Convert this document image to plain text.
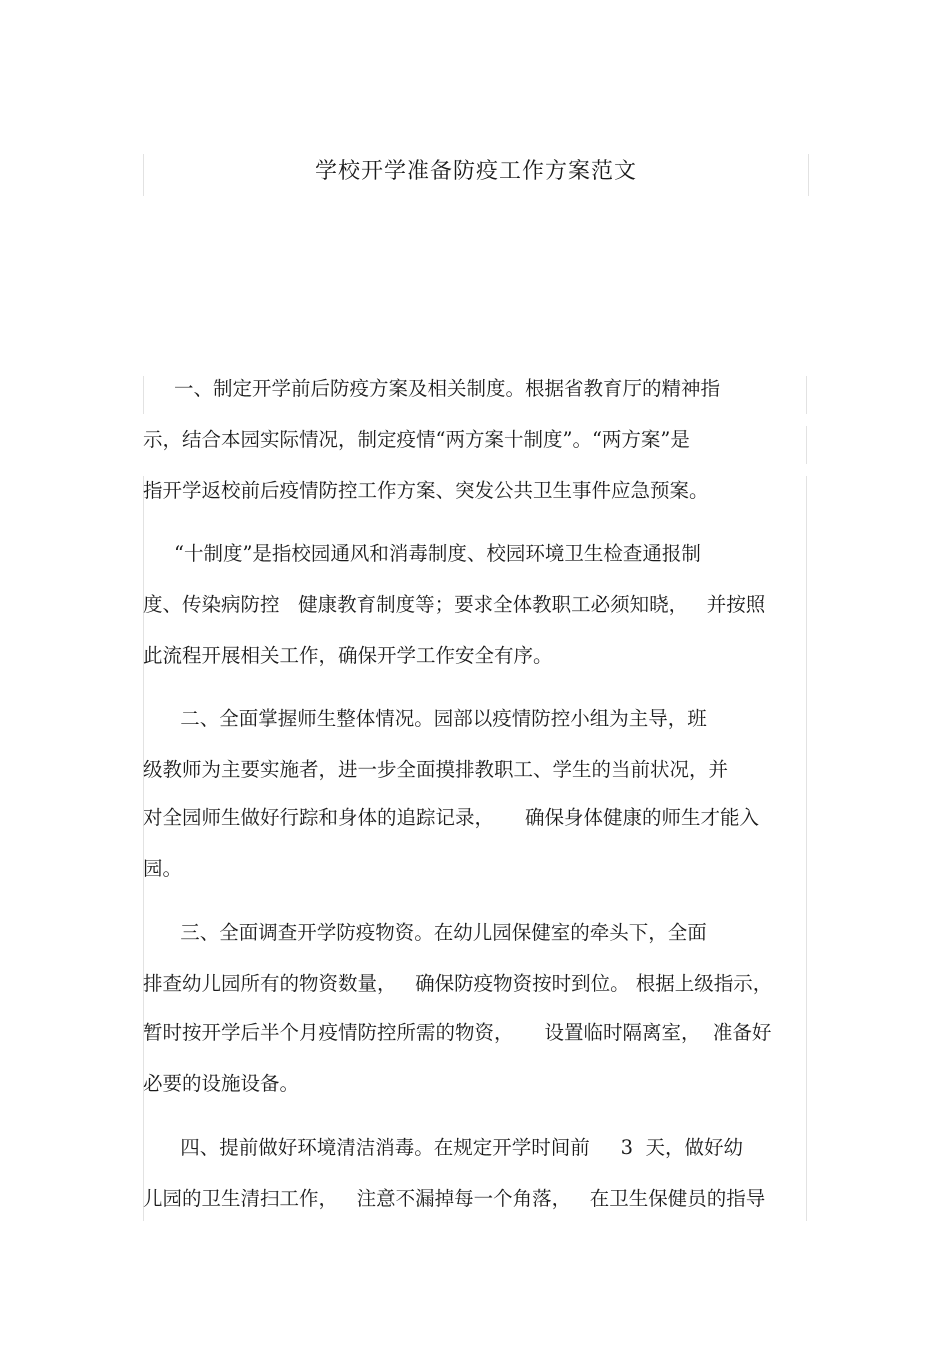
学校开学准备防疫工作方案范文
一、制定开学前后防疫方案及相关制度。根据省教育厅的精神指
示，结合本园实际情况，制定疫情“两方案十制度”。“两方案”是
指开学返校前后疫情防控工作方案、突发公共卫生事件应急预案。
“十制度”是指校园通风和消毒制度、校园环境卫生检查通报制
度、传染病防控   健康教育制度等；要求全体教职工必须知晓，   并按照
此流程开展相关工作，确保开学工作安全有序。
二、全面掌握师生整体情况。园部以疫情防控小组为主导，班
级教师为主要实施者，进一步全面摸排教职工、学生的当前状况，并
对全园师生做好行踪和身体的追踪记录，     确保身体健康的师生才能入
园。
三、全面调查开学防疫物资。在幼儿园保健室的牵头下，全面
排查幼儿园所有的物资数量，   确保防疫物资按时到位。 根据上级指示，
暂时按开学后半个月疫情防控所需的物资，     设置临时隔离室，  准备好
必要的设施设备。
四、提前做好环境清洁消毒。在规定开学时间前     3  天，做好幼
儿园的卫生清扫工作，   注意不漏掉每一个角落，   在卫生保健员的指导
